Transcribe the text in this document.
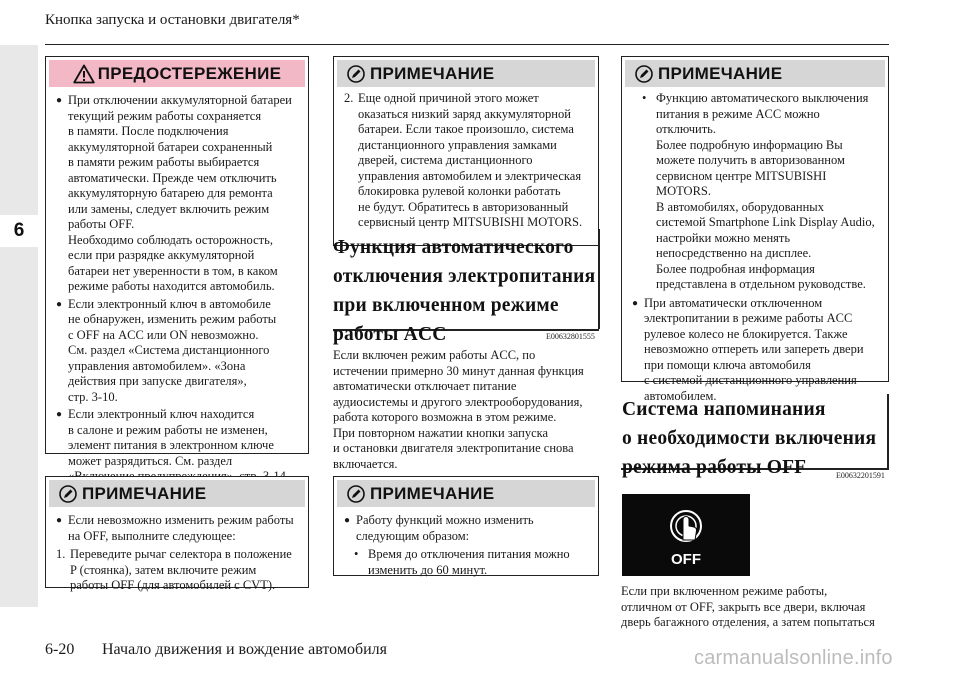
Кнопка запуска и остановки двигателя*
6
ПРЕДОСТЕРЕЖЕНИЕ
● При отключении аккумуляторной батареи
текущий режим работы сохраняется
в памяти. После подключения
аккумуляторной батареи сохраненный
в памяти режим работы выбирается
автоматически. Прежде чем отключить
аккумуляторную батарею для ремонта
или замены, следует включить режим
работы OFF.
Необходимо соблюдать осторожность,
если при разрядке аккумуляторной
батареи нет уверенности в том, в каком
режиме работы находится автомобиль.
● Если электронный ключ в автомобиле
не обнаружен, изменить режим работы
с OFF на ACC или ON невозможно.
См. раздел «Система дистанционного
управления автомобилем». «Зона
действия при запуске двигателя»,
стр. 3-10.
● Если электронный ключ находится
в салоне и режим работы не изменен,
элемент питания в электронном ключе
может разрядиться. См. раздел

ПРИМЕЧАНИЕ
● Если невозможно изменить режим работы
на OFF, выполните следующее:
1. Переведите рычаг селектора в положение
P (стоянка), затем включите режим
работы OFF (для автомобилей с CVT).
ПРИМЕЧАНИЕ
2. Еще одной причиной этого может
оказаться низкий заряд аккумуляторной
батареи. Если такое произошло, система
дистанционного управления замками
дверей, система дистанционного
управления автомобилем и электрическая
блокировка рулевой колонки работать
не будут. Обратитесь в авторизованный
сервисный центр MITSUBISHI MOTORS.
Функция автоматического
отключения электропитания
при включенном режиме
работы ACC	E00632801555
Если включен режим работы ACC, по
истечении примерно 30 минут данная функция
автоматически отключает питание
аудиосистемы и другого электрооборудования,
работа которого возможна в этом режиме.
При повторном нажатии кнопки запуска
и остановки двигателя электропитание снова
включается.
ПРИМЕЧАНИЕ
● Работу функций можно изменить
следующим образом:
• Время до отключения питания можно
изменить до 60 минут.
ПРИМЕЧАНИЕ
• Функцию автоматического выключения
питания в режиме ACC можно
отключить.
Более подробную информацию Вы
можете получить в авторизованном
сервисном центре MITSUBISHI
MOTORS.
В автомобилях, оборудованных
системой Smartphone Link Display Audio,
настройки можно менять
непосредственно на дисплее.
Более подробная информация
представлена в отдельном руководстве.
● При автоматически отключенном
электропитании в режиме работы ACC
рулевое колесо не блокируется. Также
невозможно отпереть или запереть двери
при помощи ключа автомобиля
с системой дистанционного управления
автомобилем.
Система напоминания
о необходимости включения
режима работы OFF	E00632201591
OFF
Если при включенном режиме работы,
отличном от OFF, закрыть все двери, включая
дверь багажного отделения, а затем попытаться
6-20 Начало движения и вождение автомобиля	carmanualsonline.info
